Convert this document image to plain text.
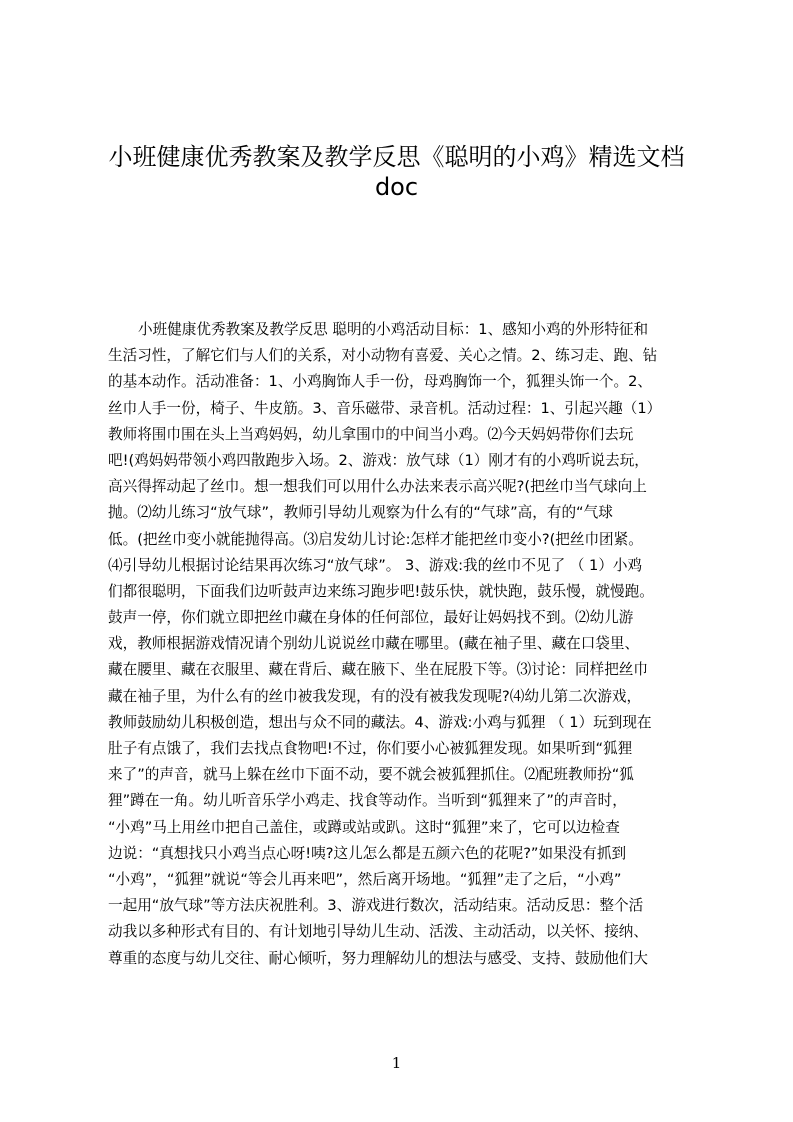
小班健康优秀教案及教学反思《聪明的小鸡》精选文档
doc
小班健康优秀教案及教学反思 聪明的小鸡活动目标：1、感知小鸡的外形特征和
生活习性，了解它们与人们的关系，对小动物有喜爱、关心之情。2、练习走、跑、钻
的基本动作。活动准备：1、小鸡胸饰人手一份，母鸡胸饰一个，狐狸头饰一个。2、
丝巾人手一份，椅子、牛皮筋。3、音乐磁带、录音机。活动过程：1、引起兴趣（1）
教师将围巾围在头上当鸡妈妈，幼儿拿围巾的中间当小鸡。⑵今天妈妈带你们去玩
吧!(鸡妈妈带领小鸡四散跑步入场。2、游戏：放气球（1）刚才有的小鸡听说去玩，
高兴得挥动起了丝巾。想一想我们可以用什么办法来表示高兴呢?(把丝巾当气球向上
抛。⑵幼儿练习“放气球”，教师引导幼儿观察为什么有的“气球”高，有的“气球
低。(把丝巾变小就能抛得高。⑶启发幼儿讨论:怎样才能把丝巾变小?(把丝巾团紧。
⑷引导幼儿根据讨论结果再次练习“放气球”。 3、游戏:我的丝巾不见了 （ 1）小鸡
们都很聪明，下面我们边听鼓声边来练习跑步吧!鼓乐快，就快跑，鼓乐慢，就慢跑。
鼓声一停，你们就立即把丝巾藏在身体的任何部位，最好让妈妈找不到。⑵幼儿游
戏，教师根据游戏情况请个别幼儿说说丝巾藏在哪里。(藏在袖子里、藏在口袋里、
藏在腰里、藏在衣服里、藏在背后、藏在腋下、坐在屁股下等。⑶讨论：同样把丝巾
藏在袖子里，为什么有的丝巾被我发现，有的没有被我发现呢?⑷幼儿第二次游戏，
教师鼓励幼儿积极创造，想出与众不同的藏法。4、游戏:小鸡与狐狸 （ 1）玩到现在
肚子有点饿了，我们去找点食物吧!不过，你们要小心被狐狸发现。如果听到“狐狸
来了”的声音，就马上躲在丝巾下面不动，要不就会被狐狸抓住。⑵配班教师扮“狐
狸”蹲在一角。幼儿听音乐学小鸡走、找食等动作。当听到“狐狸来了”的声音时，
“小鸡”马上用丝巾把自己盖住，或蹲或站或趴。这时“狐狸”来了，它可以边检查
边说：“真想找只小鸡当点心呀!咦?这儿怎么都是五颜六色的花呢?”如果没有抓到
“小鸡”，“狐狸”就说“等会儿再来吧”，然后离开场地。“狐狸”走了之后，“小鸡”
一起用“放气球”等方法庆祝胜利。3、游戏进行数次，活动结束。活动反思：整个活
动我以多种形式有目的、有计划地引导幼儿生动、活泼、主动活动，以关怀、接纳、
尊重的态度与幼儿交往、耐心倾听，努力理解幼儿的想法与感受、支持、鼓励他们大
1
